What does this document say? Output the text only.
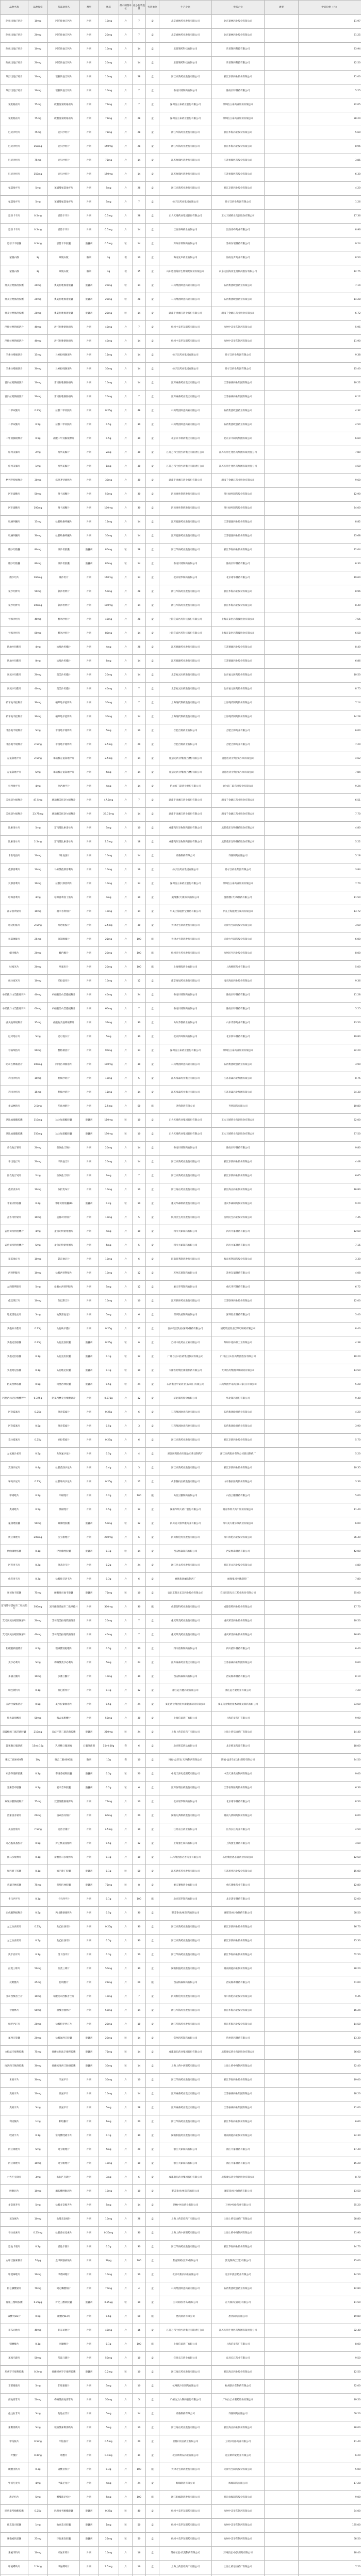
品种名称	品种规格	药品通用名	剂型	规格	最小制剂单位	最小包装数量	包装单位	生产企业	申报企业	类型	中选价格（元）
阿托伐他汀钙片	10mg	阿托伐他汀钙片	片剂	10mg	片	7	盒	北京嘉林药业股份有限公司	北京嘉林药业股份有限公司		11.97
阿托伐他汀钙片	20mg	阿托伐他汀钙片	片剂	20mg	片	7	盒	北京嘉林药业股份有限公司	北京嘉林药业股份有限公司		21.25
阿托伐他汀钙片	10mg	阿托伐他汀钙片	片剂	10mg	片	14	盒	乐普制药科技有限公司	乐普制药科技有限公司		23.94
阿托伐他汀钙片	20mg	阿托伐他汀钙片	片剂	20mg	片	14	盒	乐普制药科技有限公司	乐普制药科技有限公司		42.50
瑞舒伐他汀钙片	10mg	瑞舒伐他汀钙片	片剂	10mg	片	28	盒	浙江京新药业股份有限公司	浙江京新药业股份有限公司		21.00
瑞舒伐他汀钙片	10mg	瑞舒伐他汀钙片	片剂	10mg	片	7	盒	鲁南贝特制药有限公司	鲁南贝特制药有限公司		5.25
氯吡格雷片	75mg	硫酸氢氯吡格雷片	片剂	75mg	片	7	盒	深圳信立泰药业股份有限公司	深圳信立泰药业股份有限公司		22.05
氯吡格雷片	75mg	硫酸氢氯吡格雷片	片剂	75mg	片	28	盒	深圳信立泰药业股份有限公司	深圳信立泰药业股份有限公司		88.20
厄贝沙坦片	75mg	厄贝沙坦片	片剂	75mg	片	28	盒	浙江华海药业股份有限公司	浙江华海药业股份有限公司		5.60
厄贝沙坦片	150mg	厄贝沙坦片	片剂	150mg	片	28	盒	浙江华海药业股份有限公司	浙江华海药业股份有限公司		8.96
厄贝沙坦片	75mg	厄贝沙坦片	片剂	75mg	片	14	盒	江苏恒瑞医药股份有限公司	江苏恒瑞医药股份有限公司		3.85
厄贝沙坦片	150mg	厄贝沙坦片	片剂	150mg	片	14	盒	江苏恒瑞医药股份有限公司	江苏恒瑞医药股份有限公司		6.30
氨氯地平片	5mg	苯磺酸氨氯地平片	片剂	5mg	片	28	盒	浙江京新药业股份有限公司	浙江京新药业股份有限公司		4.20
氨氯地平片	5mg	苯磺酸氨氯地平片	片剂	5mg	片	7	盒	扬子江药业集团有限公司	扬子江药业集团有限公司		1.26
恩替卡韦片	0.5mg	恩替卡韦片	片剂	0.5mg	片	28	盒	正大天晴药业集团股份有限公司	正大天晴药业集团股份有限公司		17.36
恩替卡韦片	0.5mg	恩替卡韦片	片剂	0.5mg	片	14	盒	江西青峰药业有限公司	江西青峰药业有限公司		8.96
恩替卡韦胶囊	0.5mg	恩替卡韦胶囊	胶囊剂	0.5mg	粒	14	盒	苏州东瑞制药有限公司	苏州东瑞制药有限公司		9.24
蒙脱石散	3g	蒙脱石散	散剂	3g	袋	10	盒	海南先声药业有限公司	海南先声药业有限公司		8.50
蒙脱石散	3g	蒙脱石散	散剂	3g	袋	15	盒	山东达因海洋生物制药股份有限公司	山东达因海洋生物制药股份有限公司		12.75
奥美拉唑肠溶胶囊	20mg	奥美拉唑肠溶胶囊	胶囊剂	20mg	粒	14	盒	石药集团欧意药业有限公司	石药集团欧意药业有限公司		7.14
奥美拉唑肠溶胶囊	20mg	奥美拉唑肠溶胶囊	胶囊剂	20mg	粒	28	盒	石药集团欧意药业有限公司	石药集团欧意药业有限公司		14.28
奥美拉唑肠溶胶囊	20mg	奥美拉唑肠溶胶囊	胶囊剂	20mg	粒	14	盒	湖南千金湘江药业股份有限公司	湖南千金湘江药业股份有限公司		6.72
泮托拉唑钠肠溶片	40mg	泮托拉唑钠肠溶片	片剂	40mg	片	7	盒	杭州中美华东制药有限公司	杭州中美华东制药有限公司		5.95
泮托拉唑钠肠溶片	40mg	泮托拉唑钠肠溶片	片剂	40mg	片	14	盒	杭州中美华东制药有限公司	杭州中美华东制药有限公司		11.90
兰索拉唑肠溶片	15mg	兰索拉唑肠溶片	片剂	15mg	片	14	盒	扬子江药业集团有限公司	扬子江药业集团有限公司		9.38
兰索拉唑肠溶片	30mg	兰索拉唑肠溶片	片剂	30mg	片	14	盒	扬子江药业集团有限公司	扬子江药业集团有限公司		15.40
雷贝拉唑钠肠溶片	10mg	雷贝拉唑钠肠溶片	片剂	10mg	片	14	盒	江苏豪森药业集团有限公司	江苏豪森药业集团有限公司		10.22
雷贝拉唑钠肠溶片	20mg	雷贝拉唑钠肠溶片	片剂	20mg	片	7	盒	江苏豪森药业集团有限公司	江苏豪森药业集团有限公司		8.12
二甲双胍片	0.25g	盐酸二甲双胍片	片剂	0.25g	片	48	盒	石药集团欧意药业有限公司	石药集团欧意药业有限公司		4.32
二甲双胍片	0.5g	盐酸二甲双胍片	片剂	0.5g	片	30	盒	石药集团欧意药业有限公司	石药集团欧意药业有限公司		4.50
二甲双胍缓释片	0.5g	盐酸二甲双胍缓释片	片剂	0.5g	片	30	盒	北京京丰制药集团有限公司	北京京丰制药集团有限公司		6.60
格列美脲片	2mg	格列美脲片	片剂	2mg	片	30	盒	江苏万邦生化医药集团有限责任公司	江苏万邦生化医药集团有限责任公司		7.80
格列美脲片	1mg	格列美脲片	片剂	1mg	片	30	盒	江苏万邦生化医药集团有限责任公司	江苏万邦生化医药集团有限责任公司		4.50
格列齐特缓释片	30mg	格列齐特缓释片	片剂	30mg	片	30	盒	湖南千金湘江药业股份有限公司	湖南千金湘江药业股份有限公司		9.60
阿卡波糖片	50mg	阿卡波糖片	片剂	50mg	片	30	盒	四川绿叶制药股份有限公司	四川绿叶制药股份有限公司		12.90
阿卡波糖片	100mg	阿卡波糖片	片剂	100mg	片	30	盒	四川绿叶制药股份有限公司	四川绿叶制药股份有限公司		24.00
吡格列酮片	15mg	盐酸吡格列酮片	片剂	15mg	片	14	盒	江苏德源药业股份有限公司	江苏德源药业股份有限公司		8.82
吡格列酮片	30mg	盐酸吡格列酮片	片剂	30mg	片	14	盒	江苏德源药业股份有限公司	江苏德源药业股份有限公司		15.68
缬沙坦胶囊	80mg	缬沙坦胶囊	胶囊剂	80mg	粒	28	盒	浙江华海药业股份有限公司	浙江华海药业股份有限公司		12.04
缬沙坦胶囊	80mg	缬沙坦胶囊	胶囊剂	80mg	粒	14	盒	鲁南贝特制药有限公司	鲁南贝特制药有限公司		6.30
缬沙坦片	160mg	缬沙坦片	片剂	160mg	片	14	盒	北京诺华制药有限公司	北京诺华制药有限公司		19.60
氯沙坦钾片	50mg	氯沙坦钾片	片剂	50mg	片	28	盒	浙江华海药业股份有限公司	浙江华海药业股份有限公司		8.96
氯沙坦钾片	100mg	氯沙坦钾片	片剂	100mg	片	14	盒	浙江华海药业股份有限公司	浙江华海药业股份有限公司		8.40
替米沙坦片	40mg	替米沙坦片	片剂	40mg	片	28	盒	上海宣泰医药科技股份有限公司	上海宣泰医药科技股份有限公司		7.56
替米沙坦片	80mg	替米沙坦片	片剂	80mg	片	14	盒	上海宣泰医药科技股份有限公司	上海宣泰医药科技股份有限公司		6.58
坎地沙坦酯片	4mg	坎地沙坦酯片	片剂	4mg	片	28	盒	江苏德源药业股份有限公司	江苏德源药业股份有限公司		8.40
坎地沙坦酯片	8mg	坎地沙坦酯片	片剂	8mg	片	14	盒	江苏德源药业股份有限公司	江苏德源药业股份有限公司		6.86
奥美沙坦酯片	20mg	奥美沙坦酯片	片剂	20mg	片	14	盒	北京福元医药股份有限公司	北京福元医药股份有限公司		10.50
奥美沙坦酯片	40mg	奥美沙坦酯片	片剂	40mg	片	7	盒	北京福元医药股份有限公司	北京福元医药股份有限公司		8.75
硝苯地平控释片	30mg	硝苯地平控释片	片剂	30mg	片	7	盒	上海现代制药股份有限公司	上海现代制药股份有限公司		7.14
硝苯地平控释片	30mg	硝苯地平控释片	片剂	30mg	片	14	盒	上海现代制药股份有限公司	上海现代制药股份有限公司		14.28
非洛地平缓释片	5mg	非洛地平缓释片	片剂	5mg	片	10	盒	合肥合源药业有限公司	合肥合源药业有限公司		6.00
非洛地平缓释片	2.5mg	非洛地平缓释片	片剂	2.5mg	片	20	盒	合肥合源药业有限公司	合肥合源药业有限公司		7.20
左氨氯地平片	2.5mg	苯磺酸左氨氯地平片	片剂	2.5mg	片	14	盒	施慧达药业集团(吉林)有限公司	施慧达药业集团(吉林)有限公司		4.62
左氨氯地平片	5mg	苯磺酸左氨氯地平片	片剂	5mg	片	14	盒	施慧达药业集团(吉林)有限公司	施慧达药业集团(吉林)有限公司		7.84
拉西地平片	4mg	拉西地平片	片剂	4mg	片	14	盒	哈尔滨三联药业股份有限公司	哈尔滨三联药业股份有限公司		9.24
美托洛尔缓释片	47.5mg	琥珀酸美托洛尔缓释片	片剂	47.5mg	片	7	盒	湖南千金湘江药业股份有限公司	湖南千金湘江药业股份有限公司		6.51
美托洛尔缓释片	23.75mg	琥珀酸美托洛尔缓释片	片剂	23.75mg	片	14	盒	湖南千金湘江药业股份有限公司	湖南千金湘江药业股份有限公司		7.70
比索洛尔片	5mg	富马酸比索洛尔片	片剂	5mg	片	10	盒	成都苑东生物制药股份有限公司	成都苑东生物制药股份有限公司		4.80
比索洛尔片	2.5mg	富马酸比索洛尔片	片剂	2.5mg	片	18	盒	成都苑东生物制药股份有限公司	成都苑东生物制药股份有限公司		5.22
卡维地洛片	10mg	卡维地洛片	片剂	10mg	片	14	盒	齐鲁制药有限公司	齐鲁制药有限公司		5.18
依那普利片	10mg	马来酸依那普利片	片剂	10mg	片	16	盒	扬子江药业集团有限公司	扬子江药业集团有限公司		3.84
贝那普利片	10mg	盐酸贝那普利片	片剂	10mg	片	14	盒	深圳信立泰药业股份有限公司	深圳信立泰药业股份有限公司		7.70
培哚普利片	4mg	培哚普利叔丁胺片	片剂	4mg	片	10	盒	施维雅(天津)制药有限公司	施维雅(天津)制药有限公司		11.50
福辛普利钠片	10mg	福辛普利钠片	片剂	10mg	片	14	盒	中美上海施贵宝制药有限公司	中美上海施贵宝制药有限公司		13.72
吲达帕胺片	2.5mg	吲达帕胺片	片剂	2.5mg	片	30	盒	天津力生制药股份有限公司	天津力生制药股份有限公司		3.60
氢氯噻嗪片	25mg	氢氯噻嗪片	片剂	25mg	片	100	瓶	天津力生制药股份有限公司	天津力生制药股份有限公司		6.00
螺内酯片	20mg	螺内酯片	片剂	20mg	片	100	瓶	杭州民生药业股份有限公司	杭州民生药业股份有限公司		8.00
呋塞米片	20mg	呋塞米片	片剂	20mg	片	100	瓶	上海朝晖药业有限公司	上海朝晖药业有限公司		5.00
托拉塞米片	10mg	托拉塞米片	片剂	10mg	片	12	盒	南京海辰药业股份有限公司	南京海辰药业股份有限公司		9.36
单硝酸异山梨酯缓释片	40mg	单硝酸异山梨酯缓释片	片剂	40mg	片	24	盒	鲁南贝特制药有限公司	鲁南贝特制药有限公司		11.28
单硝酸异山梨酯缓释片	60mg	单硝酸异山梨酯缓释片	片剂	60mg	片	7	盒	鲁南贝特制药有限公司	鲁南贝特制药有限公司		5.25
曲美他嗪缓释片	35mg	盐酸曲美他嗪缓释片	片剂	35mg	片	30	盒	山东齐都药业有限公司	山东齐都药业有限公司		13.50
尼可地尔片	5mg	尼可地尔片	片剂	5mg	片	30	盒	北京四环制药有限公司	北京四环制药有限公司		19.80
替格瑞洛片	90mg	替格瑞洛片	片剂	90mg	片	14	盒	深圳信立泰药业股份有限公司	深圳信立泰药业股份有限公司		32.20
阿司匹林肠溶片	100mg	阿司匹林肠溶片	片剂	100mg	片	30	盒	石药集团欧意药业有限公司	石药集团欧意药业有限公司		3.90
利伐沙班片	10mg	利伐沙班片	片剂	10mg	片	5	盒	江苏豪森药业集团有限公司	江苏豪森药业集团有限公司		8.75
利伐沙班片	15mg	利伐沙班片	片剂	15mg	片	14	盒	江苏豪森药业集团有限公司	江苏豪森药业集团有限公司		34.30
华法林钠片	2.5mg	华法林钠片	片剂	2.5mg	片	60	瓶	齐鲁制药有限公司	齐鲁制药有限公司		10.80
达比加群酯胶囊	110mg	达比加群酯胶囊	胶囊剂	110mg	粒	10	盒	正大天晴药业集团股份有限公司	正大天晴药业集团股份有限公司		22.00
达比加群酯胶囊	150mg	达比加群酯胶囊	胶囊剂	150mg	粒	10	盒	正大天晴药业集团股份有限公司	正大天晴药业集团股份有限公司		27.50
普伐他汀钠片	20mg	普伐他汀钠片	片剂	20mg	片	14	盒	鲁南贝特制药有限公司	鲁南贝特制药有限公司		9.80
辛伐他汀片	20mg	辛伐他汀片	片剂	20mg	片	14	盒	浙江京新药业股份有限公司	浙江京新药业股份有限公司		4.48
匹伐他汀钙片	2mg	匹伐他汀钙片	片剂	2mg	片	7	盒	浙江京新药业股份有限公司	浙江京新药业股份有限公司		6.65
依折麦布片	10mg	依折麦布片	片剂	10mg	片	10	盒	浙江海正药业股份有限公司	浙江海正药业股份有限公司		16.80
非诺贝特胶囊	0.2g	非诺贝特胶囊(Ⅲ)	胶囊剂	0.2g	粒	10	盒	重庆华森制药股份有限公司	重庆华森制药股份有限公司		9.20
孟鲁司特钠片	10mg	孟鲁司特钠片	片剂	10mg	片	5	盒	杭州民生药业股份有限公司	杭州民生药业股份有限公司		7.45
孟鲁司特钠咀嚼片	4mg	孟鲁司特钠咀嚼片	片剂	4mg	片	10	盒	四川大冢制药有限公司	四川大冢制药有限公司		12.60
孟鲁司特钠咀嚼片	5mg	孟鲁司特钠咀嚼片	片剂	5mg	片	5	盒	四川大冢制药有限公司	四川大冢制药有限公司		7.15
氯雷他定片	10mg	氯雷他定片	片剂	10mg	片	6	盒	海南普利制药股份有限公司	海南普利制药股份有限公司		3.30
西替利嗪片	10mg	盐酸西替利嗪片	片剂	10mg	片	12	盒	苏州东瑞制药有限公司	苏州东瑞制药有限公司		4.08
左西替利嗪片	5mg	盐酸左西替利嗪片	片剂	5mg	片	12	盒	重庆华邦制药有限公司	重庆华邦制药有限公司		6.72
依巴斯汀片	10mg	依巴斯汀片	片剂	10mg	片	10	盒	江苏联环药业股份有限公司	江苏联环药业股份有限公司		12.00
地氯雷他定片	5mg	地氯雷他定片	片剂	5mg	片	6	盒	深圳致君制药有限公司	深圳致君制药有限公司		5.40
头孢呋辛酯片	0.25g	头孢呋辛酯片	片剂	0.25g	片	12	盒	国药集团致君(深圳)制药有限公司	国药集团致君(深圳)制药有限公司		8.40
头孢克洛胶囊	0.25g	头孢克洛胶囊	胶囊剂	0.25g	粒	6	盒	苏州中化药品工业有限公司	苏州中化药品工业有限公司		4.38
头孢克肟胶囊	0.1g	头孢克肟胶囊	胶囊剂	0.1g	粒	12	盒	广州白云山医药集团股份有限公司	广州白云山医药集团股份有限公司		10.20
头孢地尼胶囊	0.1g	头孢地尼胶囊	胶囊剂	0.1g	粒	10	盒	天津医药集团津康制药有限公司	天津医药集团津康制药有限公司		13.50
阿莫西林胶囊	0.5g	阿莫西林胶囊	胶囊剂	0.5g	粒	24	盒	石药集团中诺药业(石家庄)有限公司	石药集团中诺药业(石家庄)有限公司		5.28
阿莫西林克拉维酸钾片	0.375g	阿莫西林克拉维酸钾片	片剂	0.375g	片	12	盒	华北制药股份有限公司	华北制药股份有限公司		9.48
阿奇霉素片	0.25g	阿奇霉素片	片剂	0.25g	片	6	盒	石药集团欧意药业有限公司	石药集团欧意药业有限公司		4.20
阿奇霉素片	0.5g	阿奇霉素片	片剂	0.5g	片	3	盒	石药集团欧意药业有限公司	石药集团欧意药业有限公司		3.90
克拉霉素片	0.25g	克拉霉素片	片剂	0.25g	片	6	盒	浙江京新药业股份有限公司	浙江京新药业股份有限公司		5.70
左氧氟沙星片	0.5g	左氧氟沙星片	片剂	0.5g	片	4	盒	浙江医药股份有限公司新昌制药厂	浙江医药股份有限公司新昌制药厂		5.20
莫西沙星片	0.4g	盐酸莫西沙星片	片剂	0.4g	片	3	盒	浙江京新药业股份有限公司	浙江京新药业股份有限公司		10.35
环丙沙星片	0.25g	盐酸环丙沙星片	片剂	0.25g	片	12	盒	山东鲁抗医药股份有限公司	山东鲁抗医药股份有限公司		3.36
甲硝唑片	0.2g	甲硝唑片	片剂	0.2g	片	100	瓶	山西云鹏制药有限公司	山西云鹏制药有限公司		5.00
奥硝唑片	0.5g	奥硝唑片	片剂	0.5g	片	12	盒	湖南华纳大药厂股份有限公司	湖南华纳大药厂股份有限公司		11.40
氟康唑胶囊	50mg	氟康唑胶囊	胶囊剂	50mg	粒	12	盒	四川美大康华康药业有限公司	四川美大康华康药业有限公司		6.00
伏立康唑片	200mg	伏立康唑片	片剂	200mg	片	6	盒	四川科伦药业股份有限公司	四川科伦药业股份有限公司		86.40
伊曲康唑胶囊	0.1g	伊曲康唑胶囊	胶囊剂	0.1g	粒	14	盒	西安杨森制药有限公司	西安杨森制药有限公司		42.00
阿昔洛韦片	0.2g	阿昔洛韦片	片剂	0.2g	片	24	盒	浙江亚太药业股份有限公司	浙江亚太药业股份有限公司		4.80
伐昔洛韦片	0.3g	盐酸伐昔洛韦片	片剂	0.3g	片	6	盒	丽珠集团丽珠制药厂	丽珠集团丽珠制药厂		7.80
奥司他韦胶囊	75mg	磷酸奥司他韦胶囊	胶囊剂	75mg	粒	10	盒	宜昌东阳光长江药业股份有限公司	宜昌东阳光长江药业股份有限公司		25.00
富马酸替诺福韦二吡呋酯片	300mg	富马酸替诺福韦二吡呋酯片	片剂	300mg	片	30	瓶	成都倍特药业股份有限公司	成都倍特药业股份有限公司		17.70
艾司奥美拉唑镁肠溶片	20mg	艾司奥美拉唑镁肠溶片	片剂	20mg	片	7	盒	重庆莱美药业股份有限公司	重庆莱美药业股份有限公司		10.50
艾司奥美拉唑镁肠溶片	40mg	艾司奥美拉唑镁肠溶片	片剂	40mg	片	7	盒	重庆莱美药业股份有限公司	重庆莱美药业股份有限公司		16.80
铝碳酸镁咀嚼片	0.5g	铝碳酸镁咀嚼片	片剂	0.5g	片	20	盒	四川依科制药有限公司	四川依科制药有限公司		6.40
莫沙必利片	5mg	枸橼酸莫沙必利片	片剂	5mg	片	24	盒	江苏豪森药业集团有限公司	江苏豪森药业集团有限公司		9.60
多潘立酮片	10mg	多潘立酮片	片剂	10mg	片	30	盒	西安杨森制药有限公司	西安杨森制药有限公司		8.10
瑞巴派特片	0.1g	瑞巴派特片	片剂	0.1g	片	12	盒	浙江远力健药业有限公司	浙江远力健药业有限公司		7.20
美沙拉秦肠溶片	0.5g	美沙拉秦肠溶片	片剂	0.5g	片	24	盒	葵花药业集团佳木斯鹿灵制药有限公司	葵花药业集团佳木斯鹿灵制药有限公司		33.60
熊去氧胆酸片	50mg	熊去氧胆酸片	片剂	50mg	片	30	盒	上海信谊药厂有限公司	上海信谊药厂有限公司		9.90
双歧杆菌三联活菌胶囊	210mg	双歧杆菌三联活菌胶囊	胶囊剂	210mg	粒	24	盒	上海上药信谊药厂有限公司	上海上药信谊药厂有限公司		14.40
乳果糖口服溶液	15ml:10g	乳果糖口服溶液	口服溶液剂	15ml:10g	袋	6	盒	北京韩美药品有限公司	北京韩美药品有限公司		18.00
聚乙二醇4000散	10g	聚乙二醇4000散	散剂	10g	袋	10	盒	博福-益普生(天津)制药有限公司	博福-益普生(天津)制药有限公司		24.50
布洛芬缓释胶囊	0.3g	布洛芬缓释胶囊	胶囊剂	0.3g	粒	20	盒	中美天津史克制药有限公司	中美天津史克制药有限公司		9.00
塞来昔布胶囊	0.2g	塞来昔布胶囊	胶囊剂	0.2g	粒	6	盒	江苏恒瑞医药股份有限公司	江苏恒瑞医药股份有限公司		6.36
双氯芬酸钠缓释片	75mg	双氯芬酸钠缓释片	片剂	75mg	片	10	盒	北京诺华制药有限公司	北京诺华制药有限公司		8.50
洛索洛芬钠片	60mg	洛索洛芬钠片	片剂	60mg	片	20	盒	湖南九典制药股份有限公司	湖南九典制药股份有限公司		6.00
美洛昔康片	7.5mg	美洛昔康片	片剂	7.5mg	片	10	盒	江苏长江药业有限公司	江苏长江药业有限公司		4.50
对乙酰氨基酚片	0.5g	对乙酰氨基酚片	片剂	0.5g	片	12	盒	上海强生制药有限公司	上海强生制药有限公司		3.60
曲马多缓释片	0.1g	盐酸曲马多缓释片	片剂	0.1g	片	10	盒	石药集团恩必普药业有限公司	石药集团恩必普药业有限公司		12.50
加巴喷丁胶囊	0.1g	加巴喷丁胶囊	胶囊剂	0.1g	粒	50	盒	江苏恩华药业股份有限公司	江苏恩华药业股份有限公司		15.00
普瑞巴林胶囊	75mg	普瑞巴林胶囊	胶囊剂	75mg	粒	8	盒	重庆赛维药业有限公司	重庆赛维药业有限公司		12.80
卡马西平片	0.1g	卡马西平片	片剂	0.1g	片	100	瓶	北京诺华制药有限公司	北京诺华制药有限公司		22.00
丙戊酸钠缓释片	0.5g	丙戊酸钠缓释片	片剂	0.5g	片	30	盒	赛诺菲(杭州)制药有限公司	赛诺菲(杭州)制药有限公司		58.50
左乙拉西坦片	0.25g	左乙拉西坦片	片剂	0.25g	片	30	盒	浙江京新药业股份有限公司	浙江京新药业股份有限公司		26.70
左乙拉西坦片	0.5g	左乙拉西坦片	片剂	0.5g	片	30	盒	浙江京新药业股份有限公司	浙江京新药业股份有限公司		45.30
奥卡西平片	0.3g	奥卡西平片	片剂	0.3g	片	50	盒	浙江华海药业股份有限公司	浙江华海药业股份有限公司		62.50
拉莫三嗪片	50mg	拉莫三嗪片	片剂	50mg	片	30	盒	湖南洞庭药业股份有限公司	湖南洞庭药业股份有限公司		28.20
托吡酯片	25mg	托吡酯片	片剂	25mg	片	60	瓶	西安杨森制药有限公司	西安杨森制药有限公司		51.00
艾司西酞普兰片	10mg	草酸艾司西酞普兰片	片剂	10mg	片	7	盒	四川科伦药业股份有限公司	四川科伦药业股份有限公司		9.45
舍曲林片	50mg	盐酸舍曲林片	片剂	50mg	片	14	盒	浙江华海药业股份有限公司	浙江华海药业股份有限公司		16.24
帕罗西汀片	20mg	盐酸帕罗西汀片	片剂	20mg	片	10	盒	浙江华海药业股份有限公司	浙江华海药业股份有限公司		14.50
氟西汀胶囊	20mg	盐酸氟西汀胶囊	胶囊剂	20mg	粒	14	盒	常州四药制药有限公司	常州四药制药有限公司		13.30
文拉法辛缓释胶囊	75mg	盐酸文拉法辛缓释胶囊	胶囊剂	75mg	粒	14	盒	成都康弘药业集团股份有限公司	成都康弘药业集团股份有限公司		26.60
度洛西汀肠溶胶囊	30mg	盐酸度洛西汀肠溶胶囊	胶囊剂	30mg	粒	14	盒	上海上药中西制药有限公司	上海上药中西制药有限公司		22.40
米氮平片	30mg	米氮平片	片剂	30mg	片	10	盒	浙江华海药业股份有限公司	浙江华海药业股份有限公司		19.00
奥氮平片	10mg	奥氮平片	片剂	10mg	片	14	盒	江苏豪森药业集团有限公司	江苏豪森药业集团有限公司		18.20
奥氮平片	5mg	奥氮平片	片剂	5mg	片	28	盒	江苏豪森药业集团有限公司	江苏豪森药业集团有限公司		21.00
利培酮片	1mg	利培酮片	片剂	1mg	片	20	盒	浙江华海药业股份有限公司	浙江华海药业股份有限公司		6.60
喹硫平片	0.1g	富马酸喹硫平片	片剂	0.1g	片	30	盒	湖南洞庭药业股份有限公司	湖南洞庭药业股份有限公司		24.30
阿立哌唑片	5mg	阿立哌唑片	片剂	5mg	片	20	盒	浙江大冢制药有限公司	浙江大冢制药有限公司		17.40
阿立哌唑片	10mg	阿立哌唑片	片剂	10mg	片	10	盒	浙江大冢制药有限公司	浙江大冢制药有限公司		15.20
右佐匹克隆片	3mg	右佐匹克隆片	片剂	3mg	片	6	盒	成都康弘药业集团股份有限公司	成都康弘药业集团股份有限公司		8.70
唑吡坦片	10mg	酒石酸唑吡坦片	片剂	10mg	片	10	盒	赛诺菲(杭州)制药有限公司	赛诺菲(杭州)制药有限公司		13.50
多奈哌齐片	5mg	盐酸多奈哌齐片	片剂	5mg	片	14	盒	卫材(中国)药业有限公司	卫材(中国)药业有限公司		25.20
美金刚片	10mg	盐酸美金刚片	片剂	10mg	片	28	盒	上海上药信谊药厂有限公司	上海上药信谊药厂有限公司		58.80
普拉克索片	0.25mg	盐酸普拉克索片	片剂	0.25mg	片	30	盒	上海上药中西制药有限公司	上海上药中西制药有限公司		21.90
恩他卡朋片	0.2g	恩他卡朋片	片剂	0.2g	片	30	盒	浙江华海药业股份有限公司	浙江华海药业股份有限公司		44.70
左甲状腺素钠片	50μg	左甲状腺素钠片	片剂	50μg	片	100	盒	默克制药(江苏)有限公司	默克制药(江苏)有限公司		25.00
甲巯咪唑片	10mg	甲巯咪唑片	片剂	10mg	片	50	盒	北京市燕京药业有限公司	北京市燕京药业有限公司		14.50
阿仑膦酸钠片	70mg	阿仑膦酸钠片	片剂	70mg	片	4	盒	石药集团欧意药业有限公司	石药集团欧意药业有限公司		12.80
骨化三醇软胶囊	0.25μg	骨化三醇软胶囊	胶囊剂	0.25μg	粒	10	盒	正大制药(青岛)有限公司	正大制药(青岛)有限公司		11.50
碳酸钙D3片	0.6g	碳酸钙D3片	片剂	0.6g	片	60	瓶	惠氏制药有限公司	惠氏制药有限公司		19.80
非布司他片	40mg	非布司他片	片剂	40mg	片	16	盒	江苏万邦生化医药集团有限责任公司	江苏万邦生化医药集团有限责任公司		22.40
别嘌醇片	0.1g	别嘌醇片	片剂	0.1g	片	100	瓶	上海信谊药厂有限公司	上海信谊药厂有限公司		8.00
苯溴马隆片	50mg	苯溴马隆片	片剂	50mg	片	10	盒	宜昌长江药业有限公司	宜昌长江药业有限公司		9.50
坦索罗辛缓释胶囊	0.2mg	盐酸坦索罗辛缓释胶囊	胶囊剂	0.2mg	粒	10	盒	浙江海正药业股份有限公司	浙江海正药业股份有限公司		12.50
非那雄胺片	5mg	非那雄胺片	片剂	5mg	片	10	盒	杭州默沙东制药有限公司	杭州默沙东制药有限公司		32.00
西地那非片	50mg	枸橼酸西地那非片	片剂	50mg	片	5	盒	广州白云山制药股份有限公司	广州白云山制药股份有限公司		49.50
他达拉非片	5mg	他达拉非片	片剂	5mg	片	14	盒	齐鲁制药有限公司	齐鲁制药有限公司		60.20
索利那新片	5mg	琥珀酸索利那新片	片剂	5mg	片	10	盒	浙江海正药业股份有限公司	浙江海正药业股份有限公司		28.00
甲钴胺片	0.5mg	甲钴胺片	片剂	0.5mg	片	20	盒	卫材(中国)药业有限公司	卫材(中国)药业有限公司		11.40
叶酸片	0.4mg	叶酸片	片剂	0.4mg	片	31	盒	北京斯利安药业有限公司	北京斯利安药业有限公司		6.20
硫酸亚铁片	0.3g	硫酸亚铁片	片剂	0.3g	片	100	瓶	天津力生制药股份有限公司	天津力生制药股份有限公司		5.00
甲泼尼龙片	4mg	甲泼尼龙片	片剂	4mg	片	24	盒	辉瑞制药有限公司	辉瑞制药有限公司		17.28
泼尼松片	5mg	醋酸泼尼松片	片剂	5mg	片	100	瓶	浙江仙琚制药股份有限公司	浙江仙琚制药股份有限公司		9.00
吗替麦考酚酯胶囊	0.25g	吗替麦考酚酯胶囊	胶囊剂	0.25g	粒	40	盒	杭州中美华东制药有限公司	杭州中美华东制药有限公司		64.00
他克莫司胶囊	1mg	他克莫司胶囊	胶囊剂	1mg	粒	50	盒	杭州中美华东制药有限公司	杭州中美华东制药有限公司		195.00
环孢素软胶囊	25mg	环孢素软胶囊	胶囊剂	25mg	粒	50	盒	杭州中美华东制药有限公司	杭州中美华东制药有限公司		68.50
来氟米特片	10mg	来氟米特片	片剂	10mg	片	16	盒	苏州长征-欣凯制药有限公司	苏州长征-欣凯制药有限公司		18.40
甲氨蝶呤片	2.5mg	甲氨蝶呤片	片剂	2.5mg	片	16	盒	上海上药信谊药厂有限公司	上海上药信谊药厂有限公司		7.20
